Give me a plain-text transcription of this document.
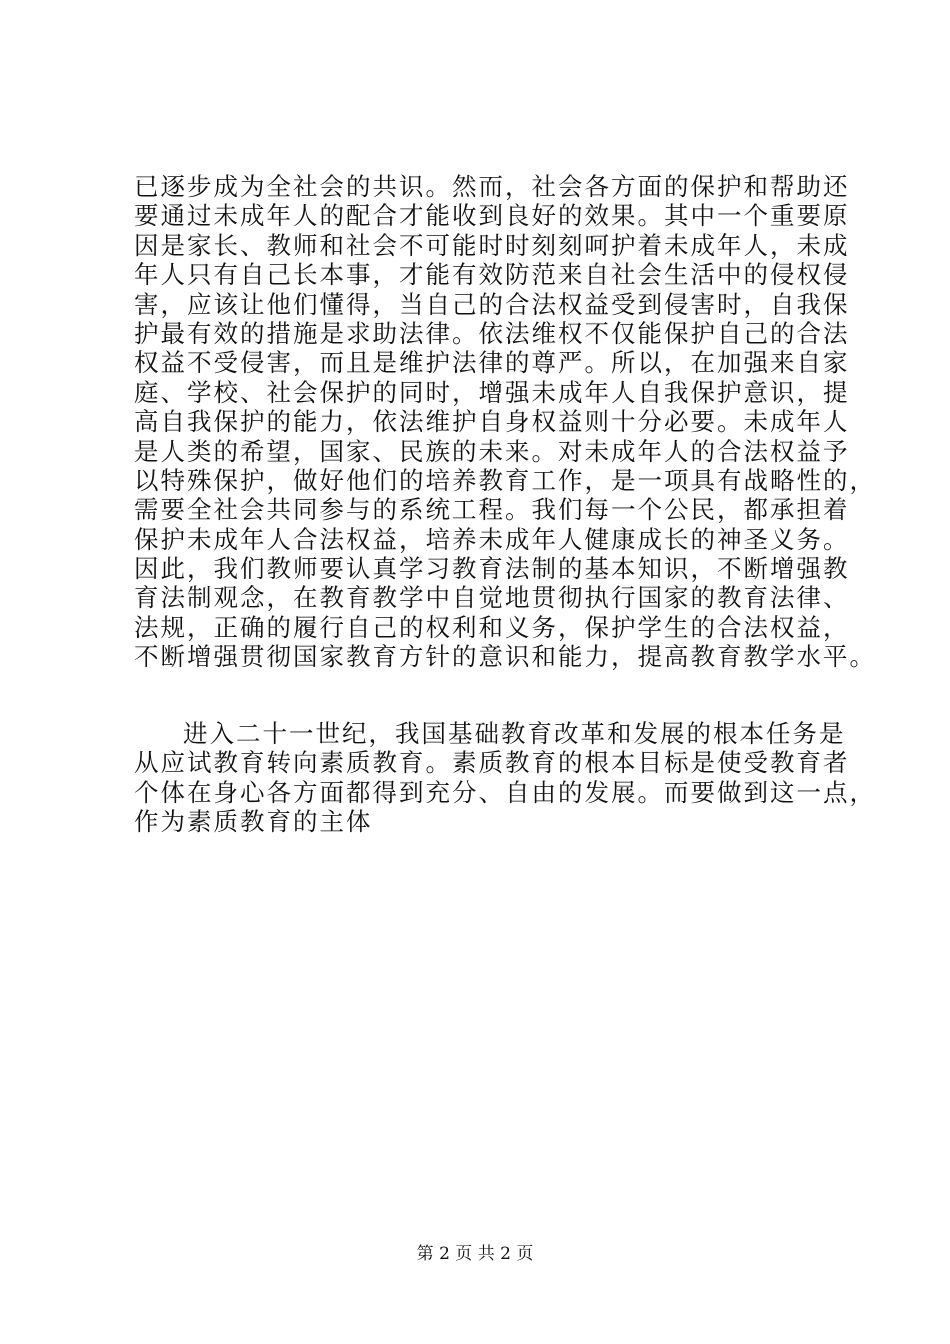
已逐步成为全社会的共识。然而，社会各方面的保护和帮助还
要通过未成年人的配合才能收到良好的效果。其中一个重要原
因是家长、教师和社会不可能时时刻刻呵护着未成年人，未成
年人只有自己长本事，才能有效防范来自社会生活中的侵权侵
害，应该让他们懂得，当自己的合法权益受到侵害时，自我保
护最有效的措施是求助法律。依法维权不仅能保护自己的合法
权益不受侵害，而且是维护法律的尊严。所以，在加强来自家
庭、学校、社会保护的同时，增强未成年人自我保护意识，提
高自我保护的能力，依法维护自身权益则十分必要。未成年人
是人类的希望，国家、民族的未来。对未成年人的合法权益予
以特殊保护，做好他们的培养教育工作，是一项具有战略性的，
需要全社会共同参与的系统工程。我们每一个公民，都承担着
保护未成年人合法权益，培养未成年人健康成长的神圣义务。
因此，我们教师要认真学习教育法制的基本知识，不断增强教
育法制观念，在教育教学中自觉地贯彻执行国家的教育法律、
法规，正确的履行自己的权利和义务，保护学生的合法权益，
不断增强贯彻国家教育方针的意识和能力，提高教育教学水平。
进入二十一世纪，我国基础教育改革和发展的根本任务是
从应试教育转向素质教育。素质教育的根本目标是使受教育者
个体在身心各方面都得到充分、自由的发展。而要做到这一点，
作为素质教育的主体
第 2 页 共 2 页
